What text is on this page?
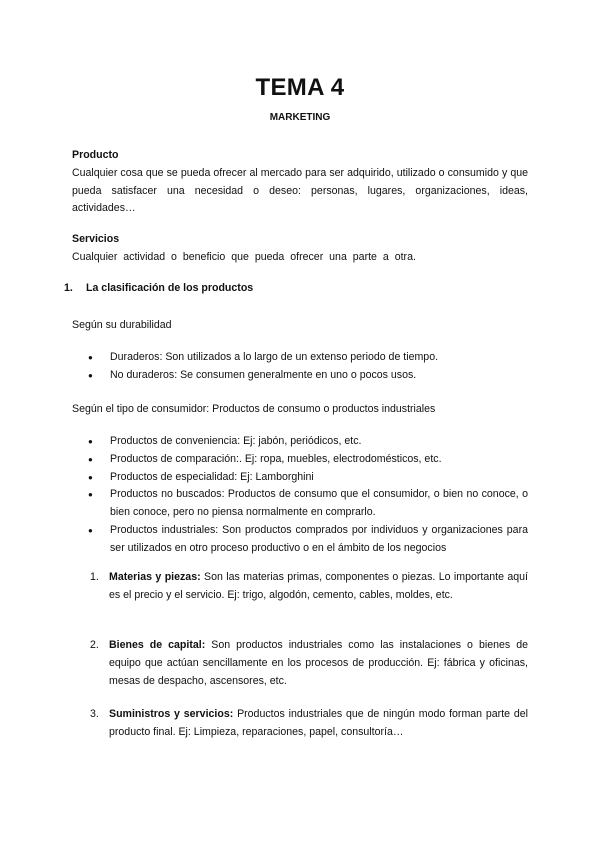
TEMA 4
MARKETING
Producto
Cualquier cosa que se pueda ofrecer al mercado para ser adquirido, utilizado o consumido y que pueda satisfacer una necesidad o deseo: personas, lugares, organizaciones, ideas, actividades…
Servicios
Cualquier actividad o beneficio que pueda ofrecer una parte a otra.
1. La clasificación de los productos
Según su durabilidad
● Duraderos: Son utilizados a lo largo de un extenso periodo de tiempo.
● No duraderos: Se consumen generalmente en uno o pocos usos.
Según el tipo de consumidor: Productos de consumo o productos industriales
● Productos de conveniencia: Ej: jabón, periódicos, etc.
● Productos de comparación:. Ej: ropa, muebles, electrodomésticos, etc.
● Productos de especialidad: Ej: Lamborghini
● Productos no buscados: Productos de consumo que el consumidor, o bien no conoce, o bien conoce, pero no piensa normalmente en comprarlo.
● Productos industriales: Son productos comprados por individuos y organizaciones para ser utilizados en otro proceso productivo o en el ámbito de los negocios
1. Materias y piezas: Son las materias primas, componentes o piezas. Lo importante aquí es el precio y el servicio. Ej: trigo, algodón, cemento, cables, moldes, etc.
2. Bienes de capital: Son productos industriales como las instalaciones o bienes de equipo que actúan sencillamente en los procesos de producción. Ej: fábrica y oficinas, mesas de despacho, ascensores, etc.
3. Suministros y servicios: Productos industriales que de ningún modo forman parte del producto final. Ej: Limpieza, reparaciones, papel, consultoría…
